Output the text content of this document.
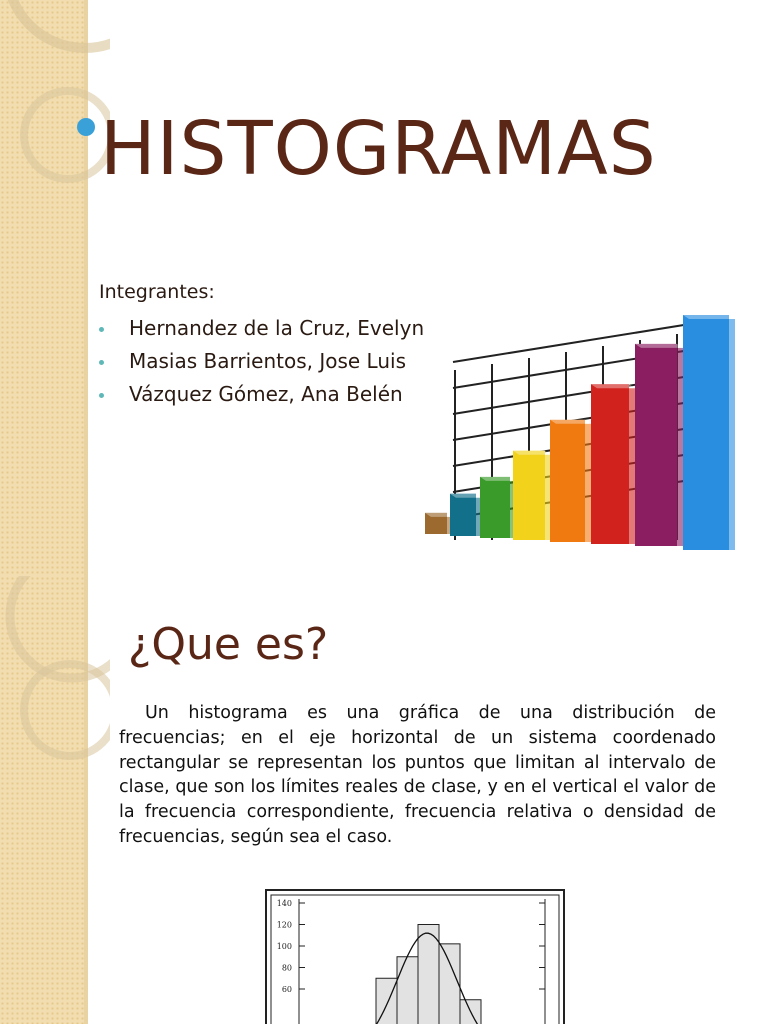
HISTOGRAMAS
Integrantes:
Hernandez de la Cruz, Evelyn
Masias Barrientos, Jose Luis
Vázquez Gómez, Ana Belén
¿Que es?

Un histograma es una gráfica de una distribución de frecuencias; en el eje horizontal de un sistema coordenado rectangular se representan los puntos que limitan al intervalo de clase, que son los límites reales de clase, y en el vertical el valor de la frecuencia correspondiente, frecuencia relativa o densidad de frecuencias, según sea el caso.

140
120
100
80
60
